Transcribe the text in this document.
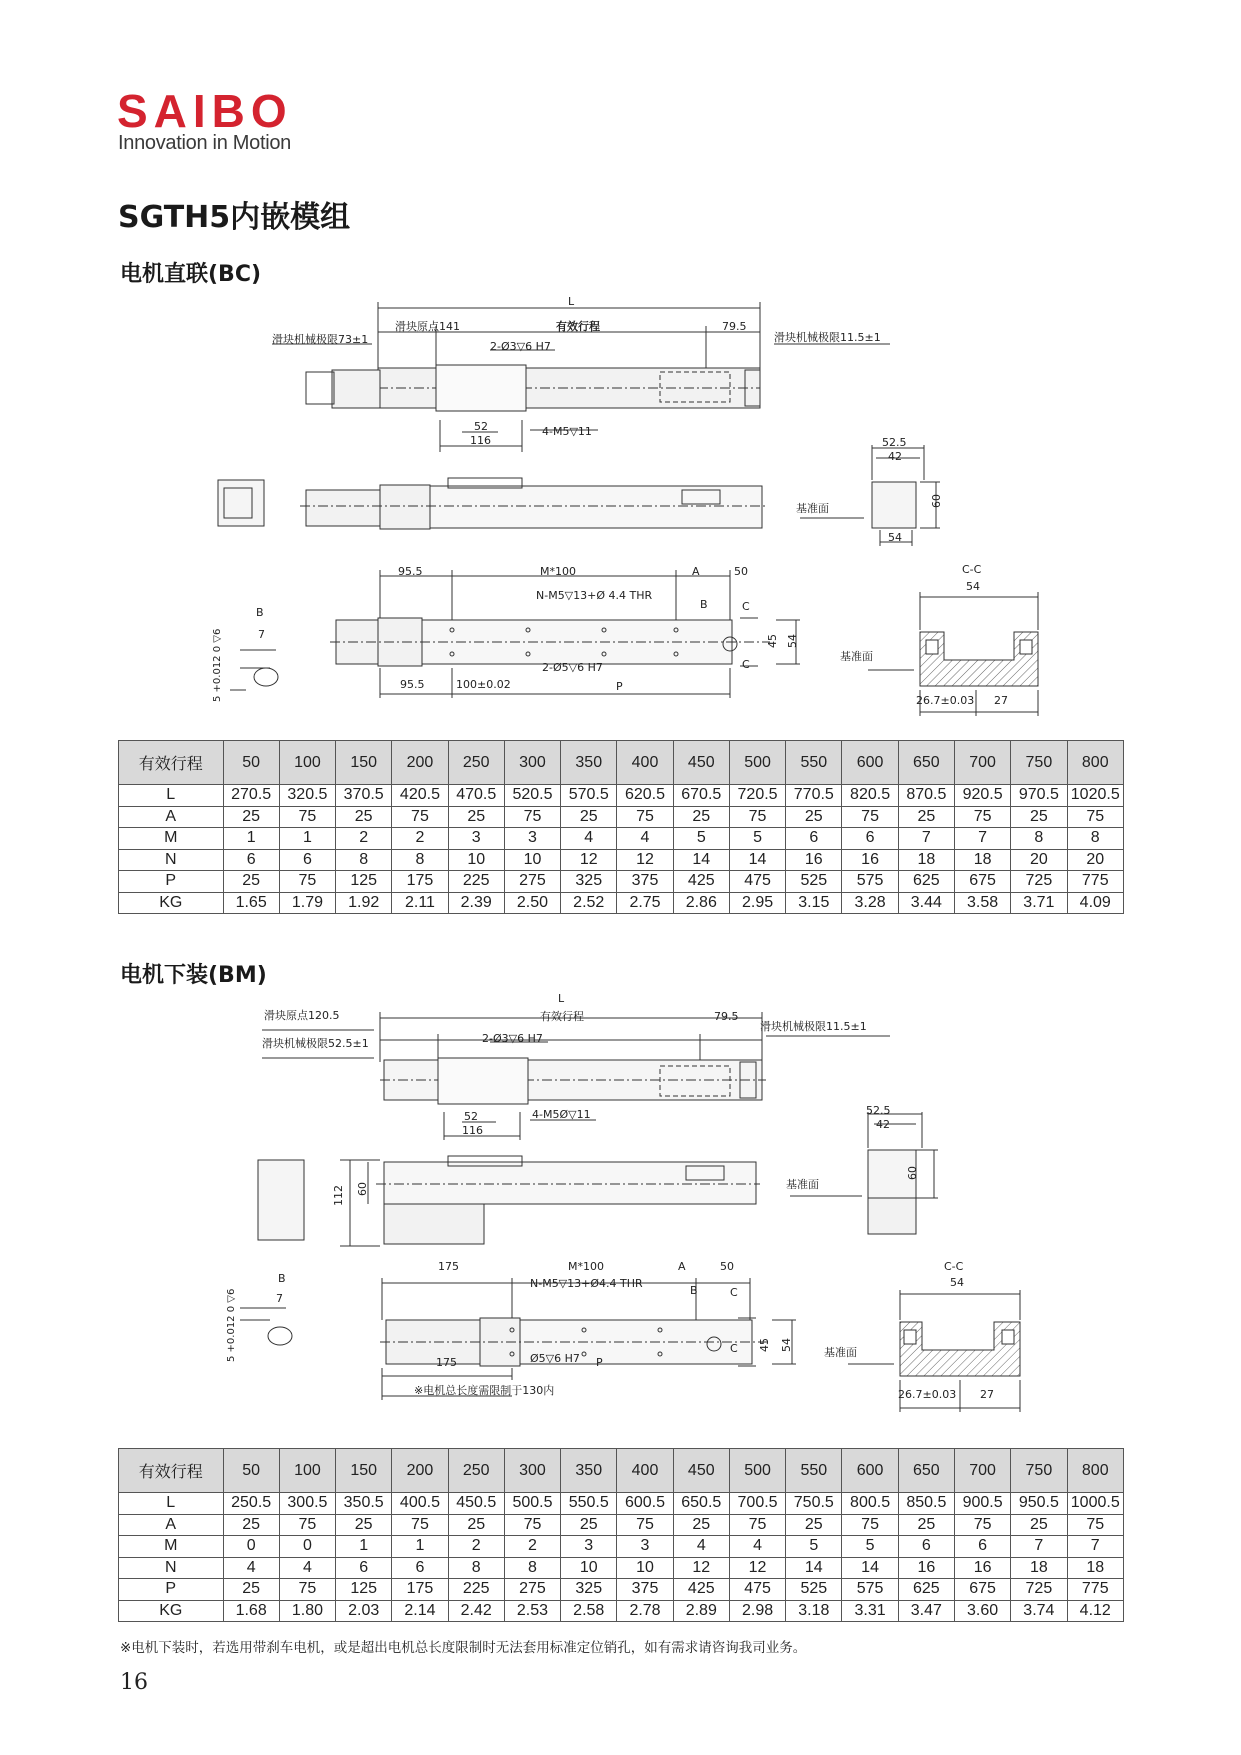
SAIBO
Innovation in Motion
SGTH5内嵌模组
电机直联(BC)
电机下装(BM)
L
滑块原点141	有效行程	79.5
滑块机械极限73±1	滑块机械极限11.5±1
2-Ø3▽6 H7
52
116
4-M5▽11
52.5
42
60
54
基准面
95.5	M*100	A	50
N-M5▽13+Ø 4.4 THR
B	C
C
45 54
2-Ø5▽6 H7
95.5	100±0.02	P
B
7
5 +0.012 0 ▽6
C-C
54
基准面
26.7±0.03 27
L
滑块原点120.5	有效行程	79.5
滑块机械极限52.5±1
滑块机械极限11.5±1
2-Ø3▽6 H7
52
116
4-M5Ø▽11	52.5
42
60
基准面
60
112
175	M*100	A	50
N-M5▽13+Ø4.4 THR
B	C
C 45 54
Ø5▽6 H7
175	P
※电机总长度需限制于130内
B
7
5 +0.012 0 ▽6
C-C
54
基准面
26.7±0.03 27
有效行程	50	100	150	200	250	300	350	400	450	500	550	600	650	700	750	800
L	270.5	320.5	370.5	420.5	470.5	520.5	570.5	620.5	670.5	720.5	770.5	820.5	870.5	920.5	970.5	1020.5
A	25	75	25	75	25	75	25	75	25	75	25	75	25	75	25	75
M	1	1	2	2	3	3	4	4	5	5	6	6	7	7	8	8
N	6	6	8	8	10	10	12	12	14	14	16	16	18	18	20	20
P	25	75	125	175	225	275	325	375	425	475	525	575	625	675	725	775
KG	1.65	1.79	1.92	2.11	2.39	2.50	2.52	2.75	2.86	2.95	3.15	3.28	3.44	3.58	3.71	4.09
有效行程	50	100	150	200	250	300	350	400	450	500	550	600	650	700	750	800
L	250.5	300.5	350.5	400.5	450.5	500.5	550.5	600.5	650.5	700.5	750.5	800.5	850.5	900.5	950.5	1000.5
A	25	75	25	75	25	75	25	75	25	75	25	75	25	75	25	75
M	0	0	1	1	2	2	3	3	4	4	5	5	6	6	7	7
N	4	4	6	6	8	8	10	10	12	12	14	14	16	16	18	18
P	25	75	125	175	225	275	325	375	425	475	525	575	625	675	725	775
KG	1.68	1.80	2.03	2.14	2.42	2.53	2.58	2.78	2.89	2.98	3.18	3.31	3.47	3.60	3.74	4.12
※电机下装时，若选用带刹车电机，或是超出电机总长度限制时无法套用标准定位销孔，如有需求请咨询我司业务。
16
